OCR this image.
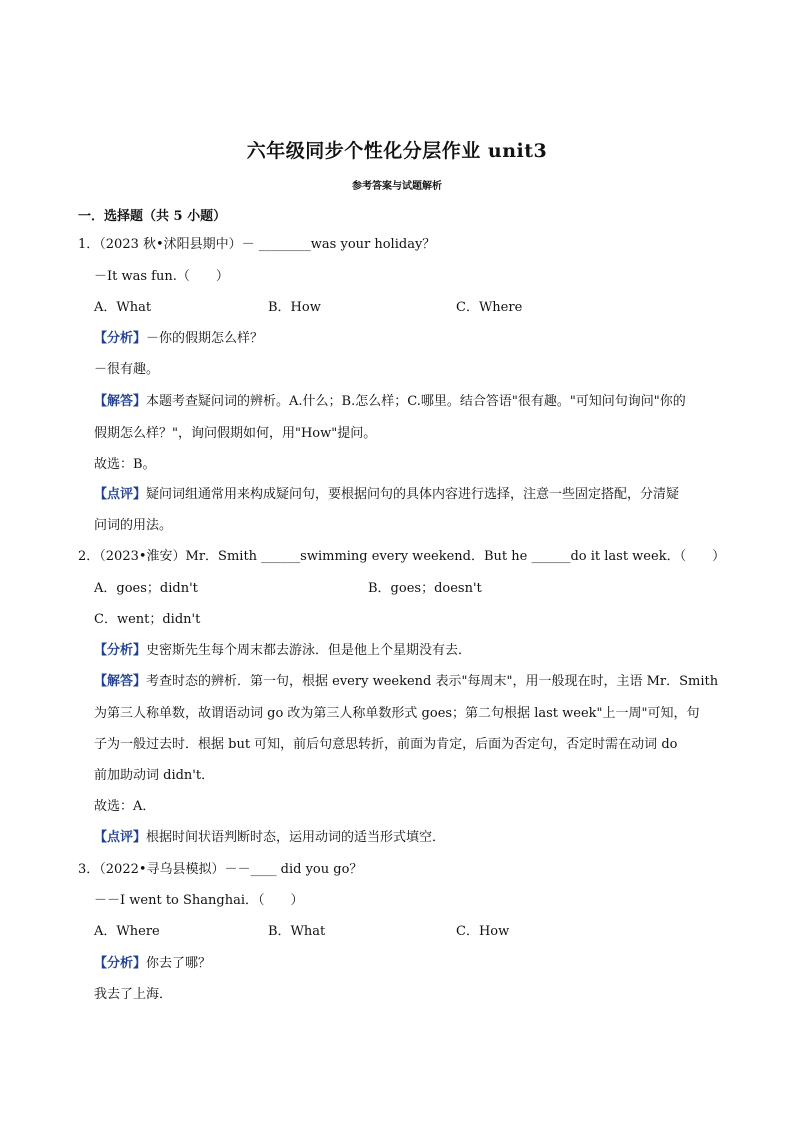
六年级同步个性化分层作业 unit3
参考答案与试题解析
一．选择题（共 5 小题）
1．（2023 秋•沭阳县期中）－ ________was your holiday？
－It was fun.（　　）
A．What	B．How	C．Where
【分析】－你的假期怎么样？
－很有趣。
【解答】本题考查疑问词的辨析。A.什么；B.怎么样；C.哪里。结合答语"很有趣。"可知问句询问"你的
假期怎么样？"，询问假期如何，用"How"提问。
故选：B。
【点评】疑问词组通常用来构成疑问句，要根据问句的具体内容进行选择，注意一些固定搭配，分清疑
问词的用法。
2．（2023•淮安）Mr．Smith ______swimming every weekend．But he ______do it last week．（　　）
A．goes；didn't	B．goes；doesn't
C．went；didn't
【分析】史密斯先生每个周末都去游泳．但是他上个星期没有去．
【解答】考查时态的辨析．第一句，根据 every weekend 表示"每周末"，用一般现在时，主语 Mr．Smith
为第三人称单数，故谓语动词 go 改为第三人称单数形式 goes；第二句根据 last week"上一周"可知，句
子为一般过去时．根据 but 可知，前后句意思转折，前面为肯定，后面为否定句，否定时需在动词 do
前加助动词 didn't．
故选：A．
【点评】根据时间状语判断时态，运用动词的适当形式填空．
3．（2022•寻乌县模拟）－－____ did you go？
－－I went to Shanghai．（　　）
A．Where	B．What	C．How
【分析】你去了哪？
我去了上海．
